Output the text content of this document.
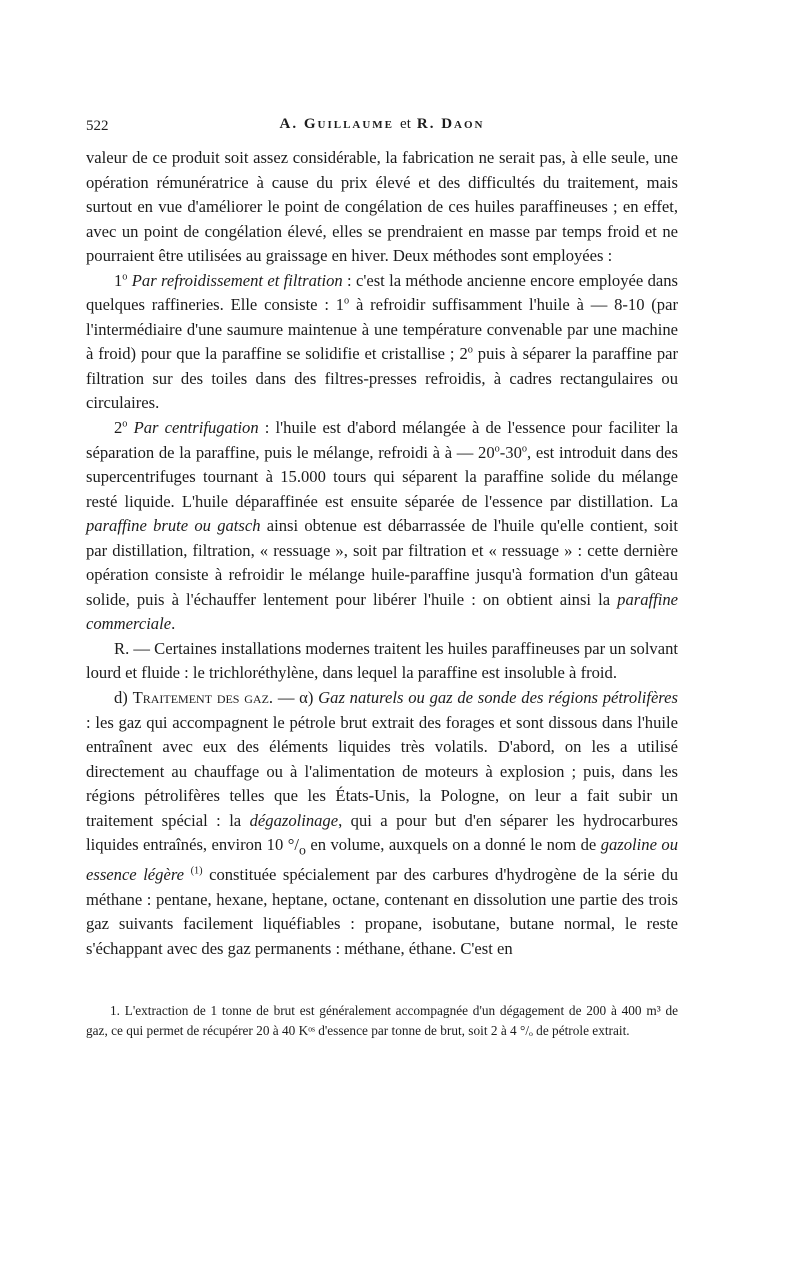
522	A. Guillaume et R. Daon

valeur de ce produit soit assez considérable, la fabrication ne serait pas, à elle seule, une opération rémunératrice à cause du prix élevé et des difficultés du traitement, mais surtout en vue d'améliorer le point de congélation de ces huiles paraffineuses ; en effet, avec un point de congélation élevé, elles se prendraient en masse par temps froid et ne pourraient être utilisées au graissage en hiver. Deux méthodes sont employées :

1$^o$ Par refroidissement et filtration : c'est la méthode ancienne encore employée dans quelques raffineries. Elle consiste : 1$^o$ à refroidir suffisamment l'huile à — 8-10 (par l'intermédiaire d'une saumure maintenue à une température convenable par une machine à froid) pour que la paraffine se solidifie et cristallise ; 2$^o$ puis à séparer la paraffine par filtration sur des toiles dans des filtres-presses refroidis, à cadres rectangulaires ou circulaires.

2$^o$ Par centrifugation : l'huile est d'abord mélangée à de l'essence pour faciliter la séparation de la paraffine, puis le mélange, refroidi à à — 20$^o$-30$^o$, est introduit dans des supercentrifuges tournant à 15.000 tours qui séparent la paraffine solide du mélange resté liquide. L'huile déparaffinée est ensuite séparée de l'essence par distillation. La paraffine brute ou gatsch ainsi obtenue est débarrassée de l'huile qu'elle contient, soit par distillation, filtration, « ressuage », soit par filtration et « ressuage » : cette dernière opération consiste à refroidir le mélange huile-paraffine jusqu'à formation d'un gâteau solide, puis à l'échauffer lentement pour libérer l'huile : on obtient ainsi la paraffine commerciale.

R. — Certaines installations modernes traitent les huiles paraffineuses par un solvant lourd et fluide : le trichloréthylène, dans lequel la paraffine est insoluble à froid.

d) Traitement des gaz. — α) Gaz naturels ou gaz de sonde des régions pétrolifères : les gaz qui accompagnent le pétrole brut extrait des forages et sont dissous dans l'huile entraînent avec eux des éléments liquides très volatils. D'abord, on les a utilisé directement au chauffage ou à l'alimentation de moteurs à explosion ; puis, dans les régions pétrolifères telles que les États-Unis, la Pologne, on leur a fait subir un traitement spécial : la dégazolinage, qui a pour but d'en séparer les hydrocarbures liquides entraînés, environ 10 $^\circ/_o$ en volume, auxquels on a donné le nom de gazoline ou essence légère $^{(1)}$ constituée spécialement par des carbures d'hydrogène de la série du méthane : pentane, hexane, heptane, octane, contenant en dissolution une partie des trois gaz suivants facilement liquéfiables : propane, isobutane, butane normal, le reste s'échappant avec des gaz permanents : méthane, éthane. C'est en

1. L'extraction de 1 tonne de brut est généralement accompagnée d'un dégagement de 200 à 400 m³ de gaz, ce qui permet de récupérer 20 à 40 Kᵒˢ d'essence par tonne de brut, soit 2 à 4 °/ₒ de pétrole extrait.
